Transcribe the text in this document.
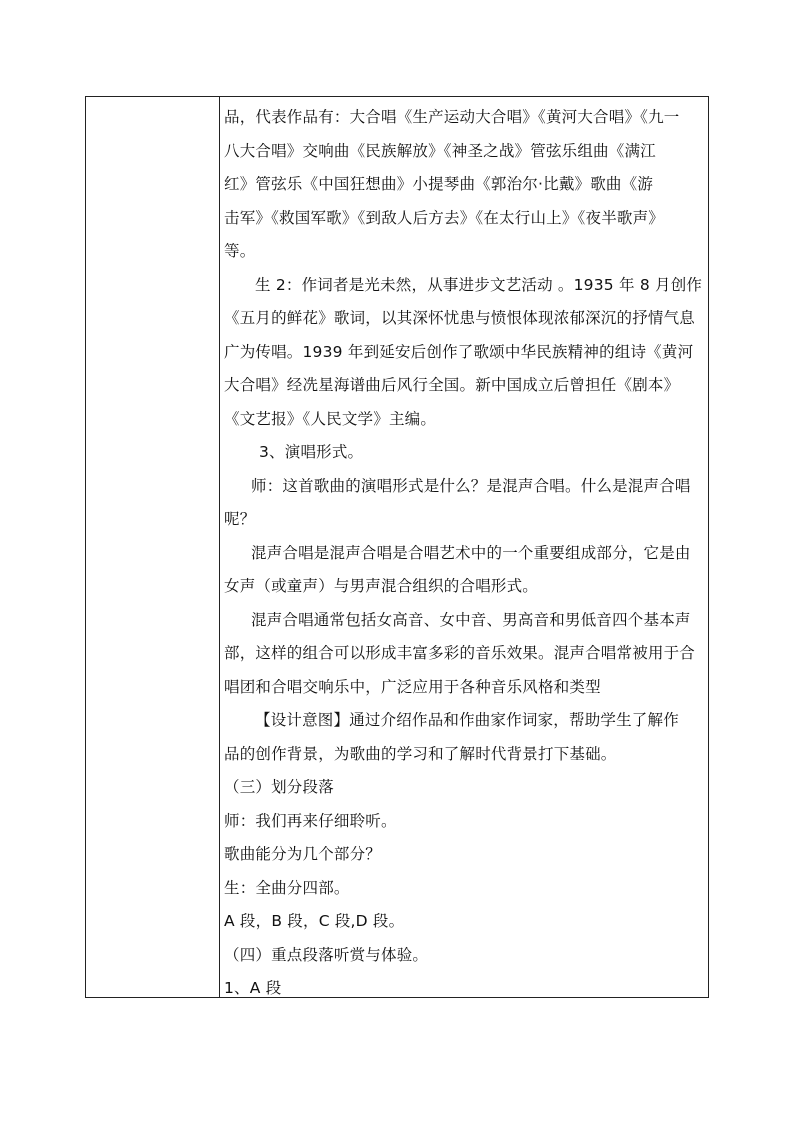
品，代表作品有：大合唱《生产运动大合唱》《黄河大合唱》《九一
八大合唱》交响曲《民族解放》《神圣之战》管弦乐组曲《满江
红》管弦乐《中国狂想曲》小提琴曲《郭治尔·比戴》歌曲《游
击军》《救国军歌》《到敌人后方去》《在太行山上》《夜半歌声》
等。
生 2：作词者是光未然，从事进步文艺活动 。1935 年 8 月创作
《五月的鲜花》歌词，以其深怀忧患与愤恨体现浓郁深沉的抒情气息
广为传唱。1939 年到延安后创作了歌颂中华民族精神的组诗《黄河
大合唱》经冼星海谱曲后风行全国。新中国成立后曾担任《剧本》
《文艺报》《人民文学》主编。
3、演唱形式。
师：这首歌曲的演唱形式是什么？是混声合唱。什么是混声合唱
呢？
混声合唱是混声合唱是合唱艺术中的一个重要组成部分，它是由
女声（或童声）与男声混合组织的合唱形式。
混声合唱通常包括女高音、女中音、男高音和男低音四个基本声
部，这样的组合可以形成丰富多彩的音乐效果。混声合唱常被用于合
唱团和合唱交响乐中，广泛应用于各种音乐风格和类型
【设计意图】通过介绍作品和作曲家作词家，帮助学生了解作
品的创作背景，为歌曲的学习和了解时代背景打下基础。
（三）划分段落
师：我们再来仔细聆听。
歌曲能分为几个部分？
生：全曲分四部。
A 段，B 段，C 段,D 段。
（四）重点段落听赏与体验。
1、A 段
